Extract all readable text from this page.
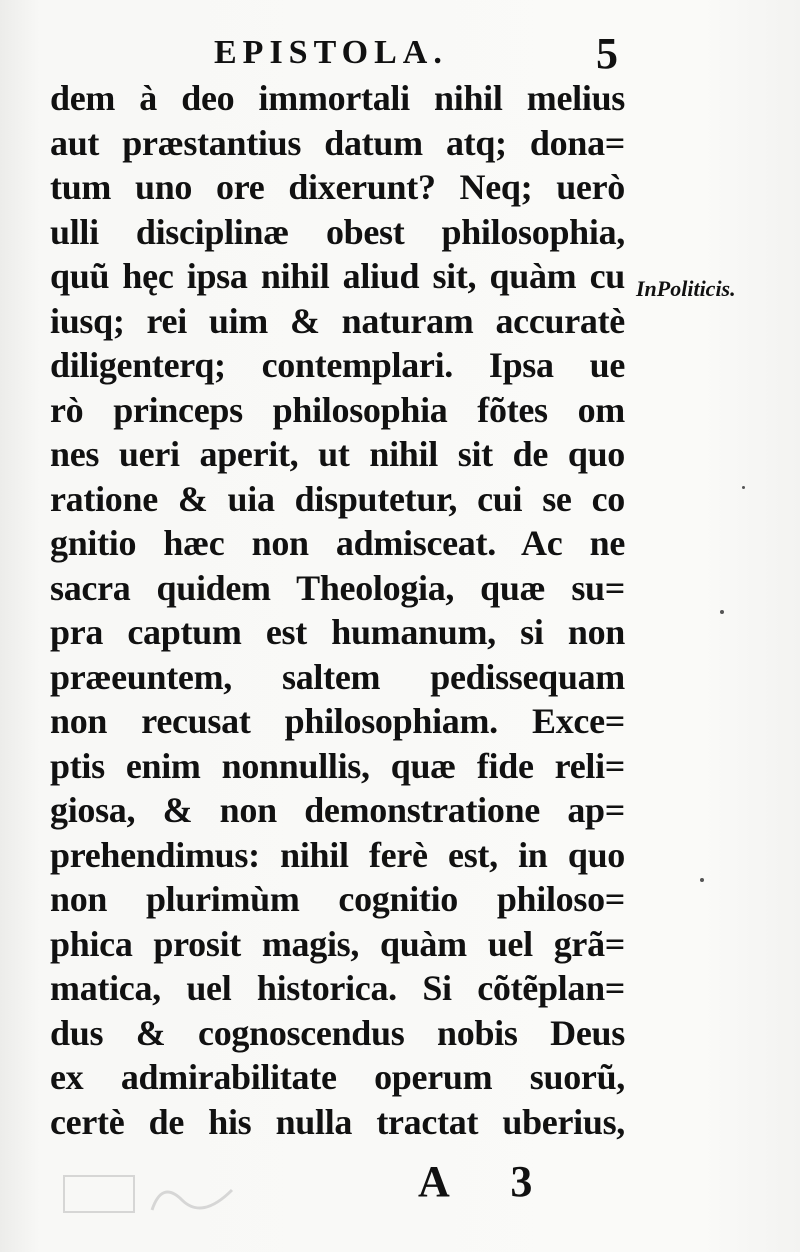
EPISTOLA.	5
dem à deo immortali nihil melius
aut præstantius datum atq; dona=
tum uno ore dixerunt? Neq; uerò
ulli disciplinæ obest philosophia,
quũ hęc ipsa nihil aliud sit, quàm cu
iusq; rei uim & naturam accuratè
diligenterq; contemplari. Ipsa ue
rò princeps philosophia fõtes om
nes ueri aperit, ut nihil sit de quo
ratione & uia disputetur, cui se co
gnitio hæc non admisceat. Ac ne
sacra quidem Theologia, quæ su=
pra captum est humanum, si non
præeuntem, saltem pedissequam
non recusat philosophiam. Exce=
ptis enim nonnullis, quæ fide reli=
giosa, & non demonstratione ap=
prehendimus: nihil ferè est, in quo
non plurimùm cognitio philoso=
phica prosit magis, quàm uel grã=
matica, uel historica. Si cõtẽplan=
dus & cognoscendus nobis Deus
ex admirabilitate operum suorũ,
certè de his nulla tractat uberius,
InPoliticis.
A 3
